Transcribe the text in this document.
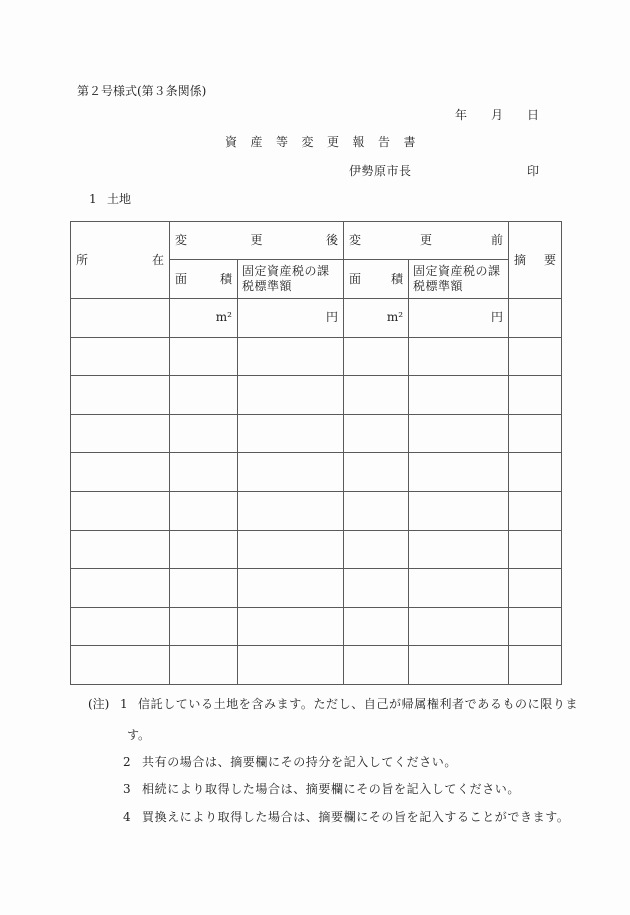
第２号様式(第３条関係)
年 月 日
資産等変更報告書
伊勢原市長	印
1 土地
所 在	変 更 後		変 更 前		摘 要

	面 積	固定資産税の課税標準額	面 積	固定資産税の課税標準額	
	m²	円	m²	円	

(注) 1 信託している土地を含みます。ただし、自己が帰属権利者であるものに限りま
す。
2 共有の場合は、摘要欄にその持分を記入してください。
3 相続により取得した場合は、摘要欄にその旨を記入してください。
4 買換えにより取得した場合は、摘要欄にその旨を記入することができます。
